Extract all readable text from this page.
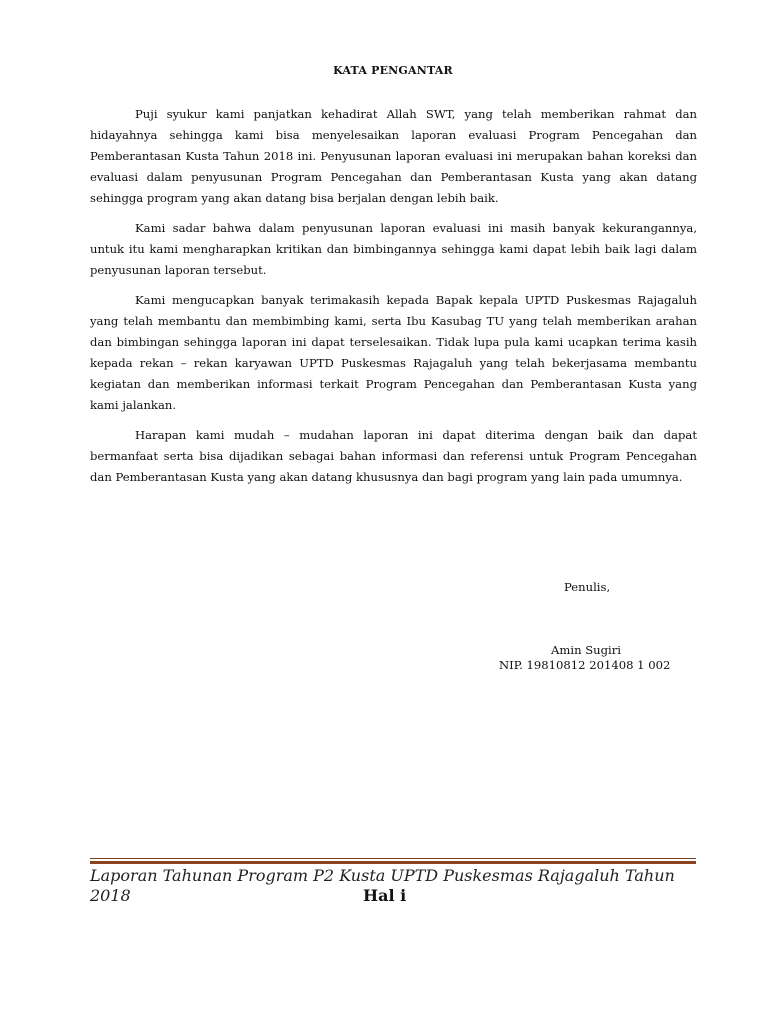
KATA PENGANTAR

Puji syukur kami panjatkan kehadirat Allah SWT, yang telah memberikan rahmat dan hidayahnya sehingga kami bisa menyelesaikan laporan evaluasi Program Pencegahan dan Pemberantasan Kusta Tahun 2018 ini. Penyusunan laporan evaluasi ini merupakan bahan koreksi dan evaluasi dalam penyusunan Program Pencegahan dan Pemberantasan Kusta yang akan datang sehingga program yang akan datang bisa berjalan dengan lebih baik.

Kami sadar bahwa dalam penyusunan laporan evaluasi ini masih banyak kekurangannya, untuk itu kami mengharapkan kritikan dan bimbingannya sehingga kami dapat lebih baik lagi dalam penyusunan laporan tersebut.

Kami mengucapkan banyak terimakasih kepada Bapak kepala UPTD Puskesmas Rajagaluh yang telah membantu dan membimbing kami, serta Ibu Kasubag TU yang telah memberikan arahan dan bimbingan sehingga laporan ini dapat terselesaikan. Tidak lupa pula kami ucapkan terima kasih kepada rekan – rekan karyawan UPTD Puskesmas Rajagaluh yang telah bekerjasama membantu kegiatan dan memberikan informasi terkait Program Pencegahan dan Pemberantasan Kusta yang kami jalankan.

Harapan kami mudah – mudahan laporan ini dapat diterima dengan baik dan dapat bermanfaat serta bisa dijadikan sebagai bahan informasi dan referensi untuk Program Pencegahan dan Pemberantasan Kusta yang akan datang khususnya dan bagi program yang lain pada umumnya.

Penulis,
Amin Sugiri
NIP. 19810812 201408 1 002
Laporan Tahunan Program P2 Kusta UPTD Puskesmas Rajagaluh Tahun
2018	Hal i
